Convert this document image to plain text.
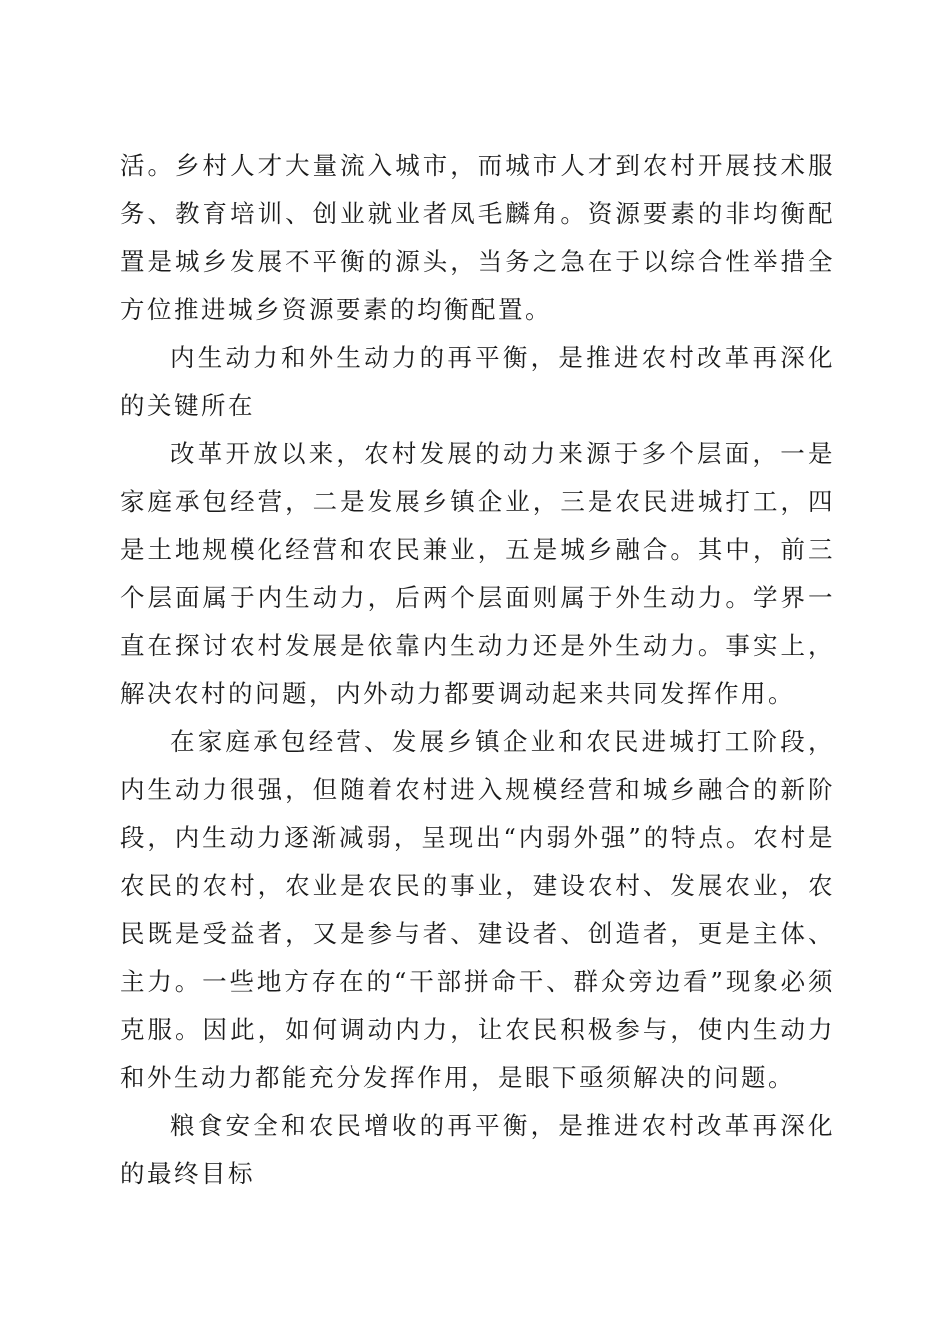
活。乡村人才大量流入城市，而城市人才到农村开展技术服务、教育培训、创业就业者凤毛麟角。资源要素的非均衡配置是城乡发展不平衡的源头，当务之急在于以综合性举措全方位推进城乡资源要素的均衡配置。

内生动力和外生动力的再平衡，是推进农村改革再深化的关键所在

改革开放以来，农村发展的动力来源于多个层面，一是家庭承包经营，二是发展乡镇企业，三是农民进城打工，四是土地规模化经营和农民兼业，五是城乡融合。其中，前三个层面属于内生动力，后两个层面则属于外生动力。学界一直在探讨农村发展是依靠内生动力还是外生动力。事实上，解决农村的问题，内外动力都要调动起来共同发挥作用。

在家庭承包经营、发展乡镇企业和农民进城打工阶段，内生动力很强，但随着农村进入规模经营和城乡融合的新阶段，内生动力逐渐减弱，呈现出“内弱外强”的特点。农村是农民的农村，农业是农民的事业，建设农村、发展农业，农民既是受益者，又是参与者、建设者、创造者，更是主体、主力。一些地方存在的“干部拼命干、群众旁边看”现象必须克服。因此，如何调动内力，让农民积极参与，使内生动力和外生动力都能充分发挥作用，是眼下亟须解决的问题。

粮食安全和农民增收的再平衡，是推进农村改革再深化的最终目标
